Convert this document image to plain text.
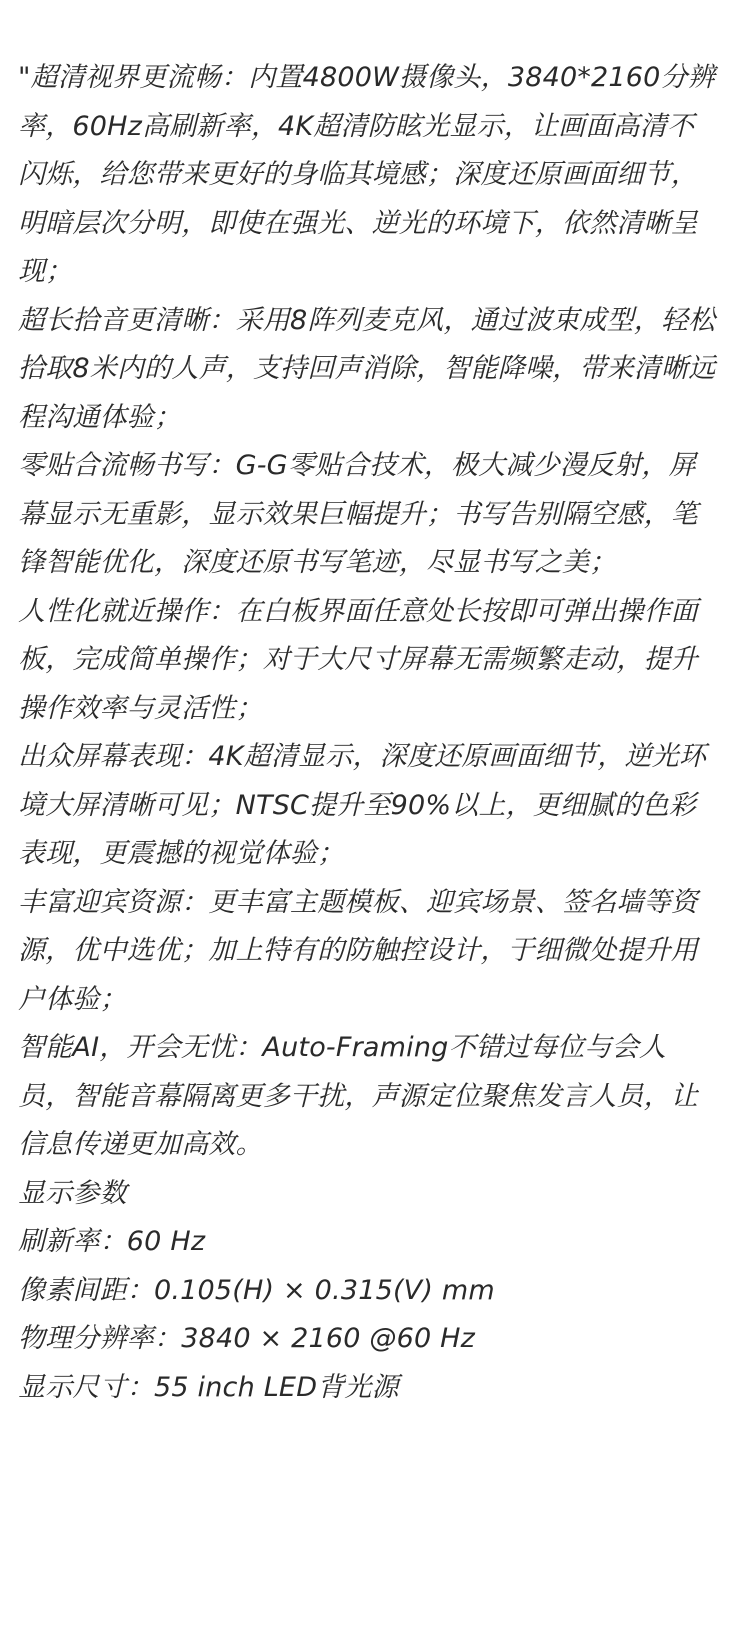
"超清视界更流畅：内置4800W摄像头，3840*2160分辨率，60Hz高刷新率，4K超清防眩光显示，让画面高清不闪烁，给您带来更好的身临其境感；深度还原画面细节，明暗层次分明，即使在强光、逆光的环境下，依然清晰呈现；

超长拾音更清晰：采用8阵列麦克风，通过波束成型，轻松拾取8米内的人声，支持回声消除，智能降噪，带来清晰远程沟通体验；

零贴合流畅书写：G-G零贴合技术，极大减少漫反射，屏幕显示无重影，显示效果巨幅提升；书写告别隔空感，笔锋智能优化，深度还原书写笔迹，尽显书写之美；

人性化就近操作：在白板界面任意处长按即可弹出操作面板，完成简单操作；对于大尺寸屏幕无需频繁走动，提升操作效率与灵活性；

出众屏幕表现：4K超清显示，深度还原画面细节，逆光环境大屏清晰可见；NTSC提升至90%以上，更细腻的色彩表现，更震撼的视觉体验；

丰富迎宾资源：更丰富主题模板、迎宾场景、签名墙等资源，优中选优；加上特有的防触控设计，于细微处提升用户体验；

智能AI，开会无忧：Auto-Framing不错过每位与会人员，智能音幕隔离更多干扰，声源定位聚焦发言人员，让信息传递更加高效。

显示参数

刷新率：60 Hz

像素间距：0.105(H) × 0.315(V) mm

物理分辨率：3840 × 2160 @60 Hz

显示尺寸：55 inch LED背光源
